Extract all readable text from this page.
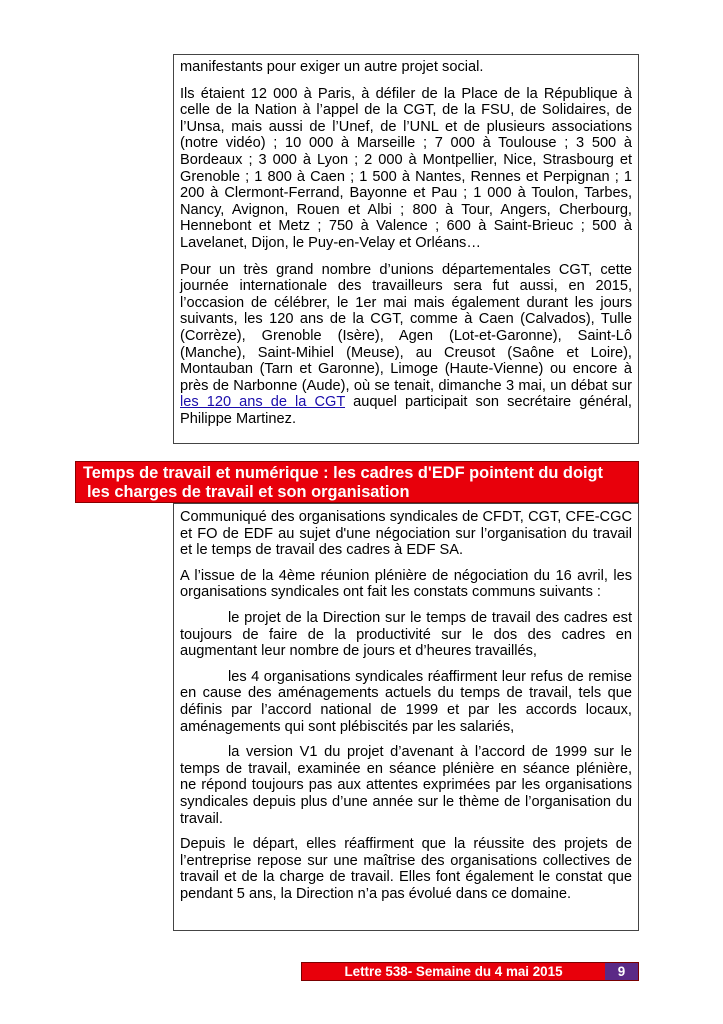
manifestants pour exiger un autre projet social.

Ils étaient 12 000 à Paris, à défiler de la Place de la République à celle de la Nation à l’appel de la CGT, de la FSU, de Solidaires, de l’Unsa, mais aussi de l’Unef, de l’UNL et de plusieurs associations (notre vidéo) ; 10 000 à Marseille ; 7 000 à Toulouse ; 3 500 à Bordeaux ; 3 000 à Lyon ; 2 000 à Montpellier, Nice, Strasbourg et Grenoble ; 1 800 à Caen ; 1 500 à Nantes, Rennes et Perpignan ; 1 200 à Clermont-Ferrand, Bayonne et Pau ; 1 000 à Toulon, Tarbes, Nancy, Avignon, Rouen et Albi ; 800 à Tour, Angers, Cherbourg, Hennebont et Metz ; 750 à Valence ; 600 à Saint-Brieuc ; 500 à Lavelanet, Dijon, le Puy-en-Velay et Orléans…

Pour un très grand nombre d’unions départementales CGT, cette journée internationale des travailleurs sera fut aussi, en 2015, l’occasion de célébrer, le 1er mai mais également durant les jours suivants, les 120 ans de la CGT, comme à Caen (Calvados), Tulle (Corrèze), Grenoble (Isère), Agen (Lot-et-Garonne), Saint-Lô (Manche), Saint-Mihiel (Meuse), au Creusot (Saône et Loire), Montauban (Tarn et Garonne), Limoge (Haute-Vienne) ou encore à près de Narbonne (Aude), où se tenait, dimanche 3 mai, un débat sur les 120 ans de la CGT auquel participait son secrétaire général, Philippe Martinez.

Temps de travail et numérique : les cadres d'EDF pointent du doigt
les charges de travail et son organisation

Communiqué des organisations syndicales de CFDT, CGT, CFE-CGC et FO de EDF au sujet d'une négociation sur l’organisation du travail et le temps de travail des cadres à EDF SA.

A l’issue de la 4ème réunion plénière de négociation du 16 avril, les organisations syndicales ont fait les constats communs suivants :

le projet de la Direction sur le temps de travail des cadres est toujours de faire de la productivité sur le dos des cadres en augmentant leur nombre de jours et d’heures travaillés,

les 4 organisations syndicales réaffirment leur refus de remise en cause des aménagements actuels du temps de travail, tels que définis par l’accord national de 1999 et par les accords locaux, aménagements qui sont plébiscités par les salariés,

la version V1 du projet d’avenant à l’accord de 1999 sur le temps de travail, examinée en séance plénière en séance plénière, ne répond toujours pas aux attentes exprimées par les organisations syndicales depuis plus d’une année sur le thème de l’organisation du travail.

Depuis le départ, elles réaffirment que la réussite des projets de l’entreprise repose sur une maîtrise des organisations collectives de travail et de la charge de travail. Elles font également le constat que pendant 5 ans, la Direction n’a pas évolué dans ce domaine.

Lettre 538- Semaine du 4 mai 2015	9
